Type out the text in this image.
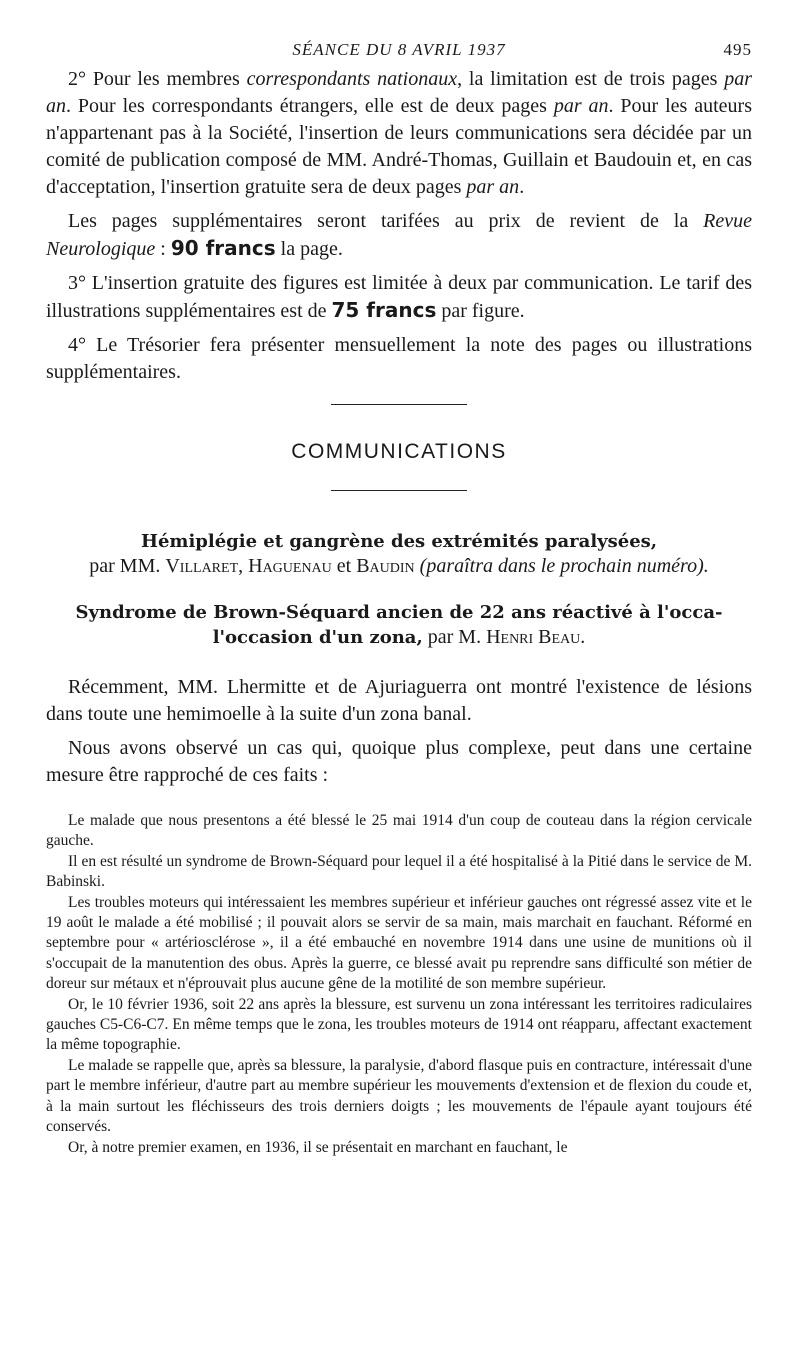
SÉANCE DU 8 AVRIL 1937	495

2° Pour les membres correspondants nationaux, la limitation est de trois pages par an. Pour les correspondants étrangers, elle est de deux pages par an. Pour les auteurs n'appartenant pas à la Société, l'insertion de leurs communications sera décidée par un comité de publication composé de MM. André-Thomas, Guillain et Baudouin et, en cas d'acceptation, l'insertion gratuite sera de deux pages par an.

Les pages supplémentaires seront tarifées au prix de revient de la Revue Neurologique : 90 francs la page.

3° L'insertion gratuite des figures est limitée à deux par communication. Le tarif des illustrations supplémentaires est de 75 francs par figure.

4° Le Trésorier fera présenter mensuellement la note des pages ou illustrations supplémentaires.

COMMUNICATIONS
Hémiplégie et gangrène des extrémités paralysées,
par MM. Villaret, Haguenau et Baudin (paraîtra dans le prochain numéro).
Syndrome de Brown-Séquard ancien de 22 ans réactivé à l'occa-l'occasion d'un zona, par M. Henri Beau.

Récemment, MM. Lhermitte et de Ajuriaguerra ont montré l'existence de lésions dans toute une hemimoelle à la suite d'un zona banal.

Nous avons observé un cas qui, quoique plus complexe, peut dans une certaine mesure être rapproché de ces faits :

Le malade que nous presentons a été blessé le 25 mai 1914 d'un coup de couteau dans la région cervicale gauche.

Il en est résulté un syndrome de Brown-Séquard pour lequel il a été hospitalisé à la Pitié dans le service de M. Babinski.

Les troubles moteurs qui intéressaient les membres supérieur et inférieur gauches ont régressé assez vite et le 19 août le malade a été mobilisé ; il pouvait alors se servir de sa main, mais marchait en fauchant. Réformé en septembre pour « artériosclérose », il a été embauché en novembre 1914 dans une usine de munitions où il s'occupait de la manutention des obus. Après la guerre, ce blessé avait pu reprendre sans difficulté son métier de doreur sur métaux et n'éprouvait plus aucune gêne de la motilité de son membre supérieur.

Or, le 10 février 1936, soit 22 ans après la blessure, est survenu un zona intéressant les territoires radiculaires gauches C5-C6-C7. En même temps que le zona, les troubles moteurs de 1914 ont réapparu, affectant exactement la même topographie.

Le malade se rappelle que, après sa blessure, la paralysie, d'abord flasque puis en contracture, intéressait d'une part le membre inférieur, d'autre part au membre supérieur les mouvements d'extension et de flexion du coude et, à la main surtout les fléchisseurs des trois derniers doigts ; les mouvements de l'épaule ayant toujours été conservés.

Or, à notre premier examen, en 1936, il se présentait en marchant en fauchant, le
